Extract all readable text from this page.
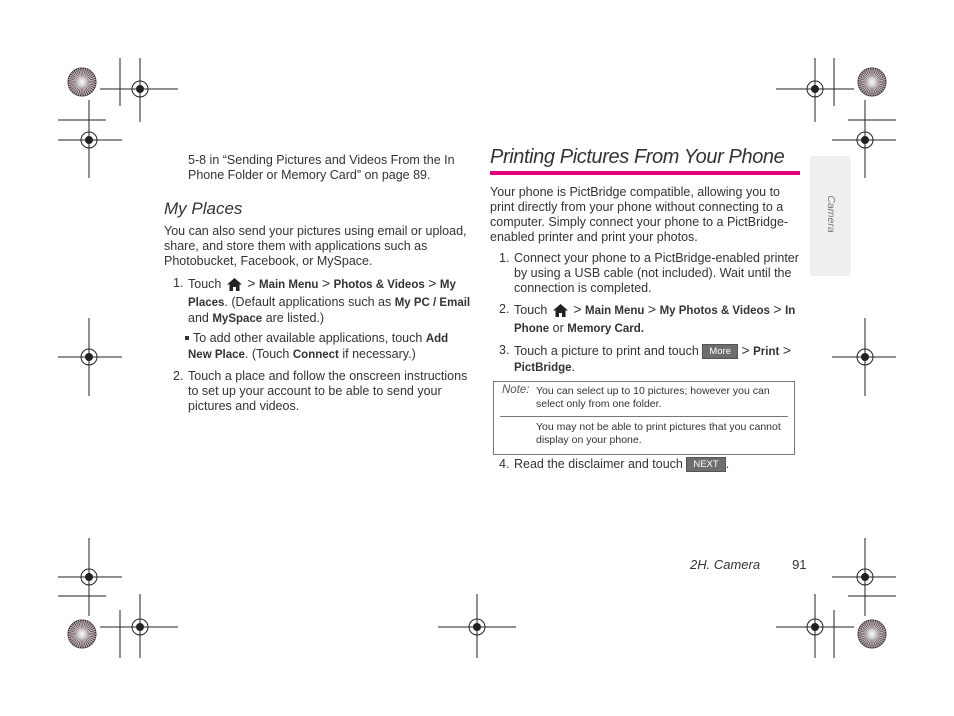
5-8 in “Sending Pictures and Videos From the In Phone Folder or Memory Card” on page 89.

My Places

You can also send your pictures using email or upload, share, and store them with applications such as Photobucket, Facebook, or MySpace.

1. Touch > Main Menu > Photos & Videos > My Places. (Default applications such as My PC / Email and MySpace are listed.)
To add other available applications, touch Add New Place. (Touch Connect if necessary.)
2. Touch a place and follow the onscreen instructions to set up your account to be able to send your pictures and videos.
Printing Pictures From Your Phone

Your phone is PictBridge compatible, allowing you to print directly from your phone without connecting to a computer. Simply connect your phone to a PictBridge-enabled printer and print your photos.

1. Connect your phone to a PictBridge-enabled printer by using a USB cable (not included). Wait until the connection is completed.
2. Touch > Main Menu > My Photos & Videos > In Phone or Memory Card.
3. Touch a picture to print and touch More > Print > PictBridge.
Note: You can select up to 10 pictures; however you can select only from one folder.
You may not be able to print pictures that you cannot display on your phone.
4. Read the disclaimer and touch NEXT .
Camera
2H. Camera 91
